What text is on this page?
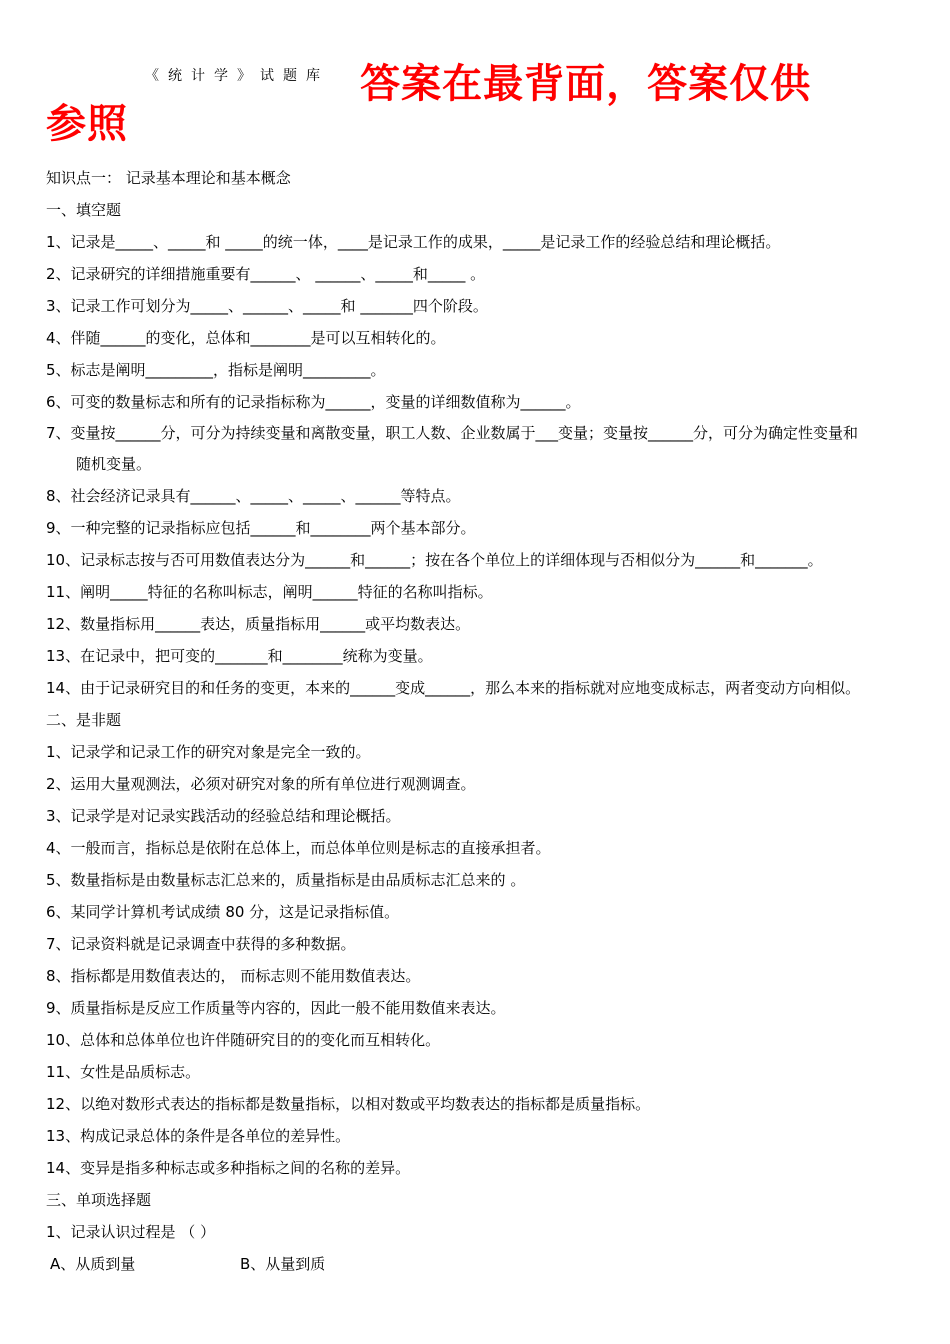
《统计学》试题库 答案在最背面，答案仅供
参照
知识点一： 记录基本理论和基本概念
一、填空题
1、记录是_____、_____和 _____的统一体，____是记录工作的成果，_____是记录工作的经验总结和理论概括。
2、记录研究的详细措施重要有______、 ______、_____和_____ 。
3、记录工作可划分为_____、______、_____和 _______四个阶段。
4、伴随______的变化，总体和________是可以互相转化的。
5、标志是阐明_________，指标是阐明_________。
6、可变的数量标志和所有的记录指标称为______，变量的详细数值称为______。
7、变量按______分，可分为持续变量和离散变量，职工人数、企业数属于___变量；变量按______分，可分为确定性变量和
随机变量。
8、社会经济记录具有______、_____、_____、______等特点。
9、一种完整的记录指标应包括______和________两个基本部分。
10、记录标志按与否可用数值表达分为______和______；按在各个单位上的详细体现与否相似分为______和_______。
11、阐明_____特征的名称叫标志，阐明______特征的名称叫指标。
12、数量指标用______表达，质量指标用______或平均数表达。
13、在记录中，把可变的_______和________统称为变量。
14、由于记录研究目的和任务的变更，本来的______变成______，那么本来的指标就对应地变成标志，两者变动方向相似。
二、是非题
1、记录学和记录工作的研究对象是完全一致的。
2、运用大量观测法，必须对研究对象的所有单位进行观测调查。
3、记录学是对记录实践活动的经验总结和理论概括。
4、一般而言，指标总是依附在总体上，而总体单位则是标志的直接承担者。
5、数量指标是由数量标志汇总来的，质量指标是由品质标志汇总来的 。
6、某同学计算机考试成绩 80 分，这是记录指标值。
7、记录资料就是记录调查中获得的多种数据。
8、指标都是用数值表达的， 而标志则不能用数值表达。
9、质量指标是反应工作质量等内容的，因此一般不能用数值来表达。
10、总体和总体单位也许伴随研究目的的变化而互相转化。
11、女性是品质标志。
12、以绝对数形式表达的指标都是数量指标，以相对数或平均数表达的指标都是质量指标。
13、构成记录总体的条件是各单位的差异性。
14、变异是指多种标志或多种指标之间的名称的差异。
三、单项选择题
1、记录认识过程是 （ ）
A、从质到量	B、从量到质
